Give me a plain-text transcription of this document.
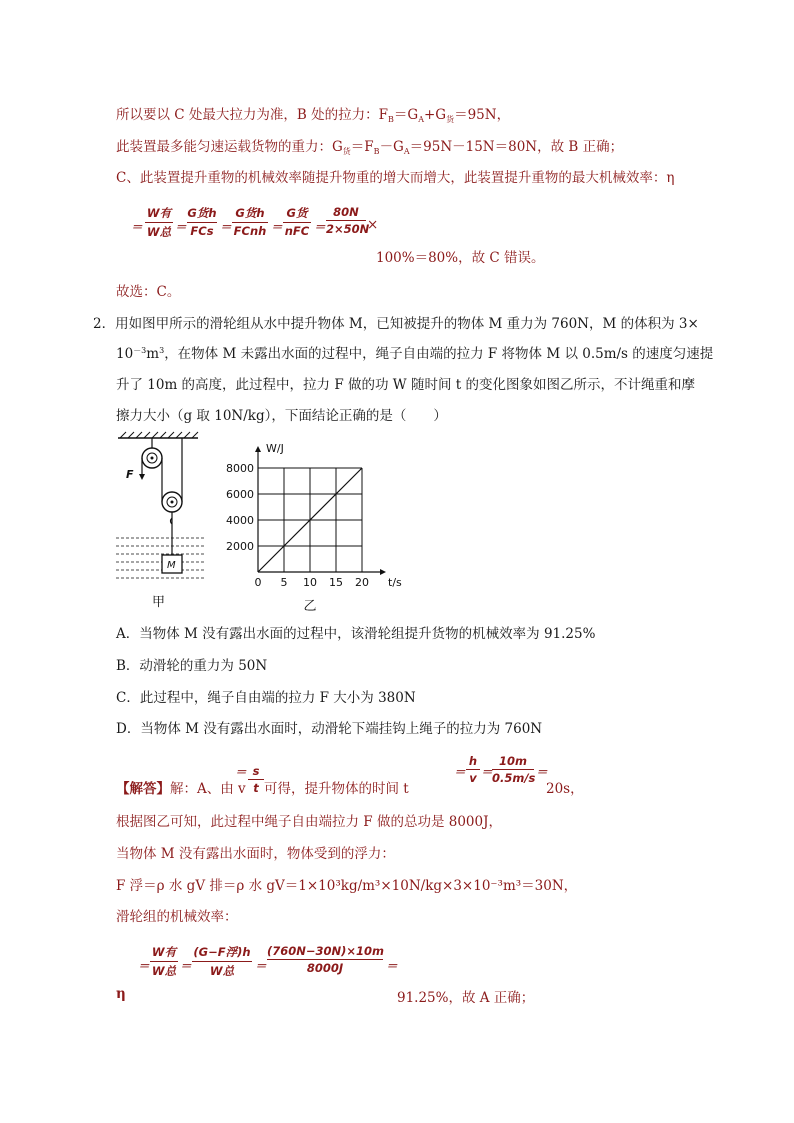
所以要以 C 处最大拉力为准，B 处的拉力：$F_B=G_A+G_货=95N$，
此装置最多能匀速运载货物的重力：$G_货=F_B-G_A=95N-15N=80N$，故 B 正确；
C、此装置提升重物的机械效率随提升物重的增大而增大，此装置提升重物的最大机械效率：η
＝
W有
W总 ＝
G货h
FCs ＝
G货h
FCnh ＝
G货
nFC ＝
80N
2×50N
×
100%＝80%，故 C 错误。
故选：C。
2．用如图甲所示的滑轮组从水中提升物体 M，已知被提升的物体 M 重力为 760N，M 的体积为 3×
$10^{-3}m^3$，在物体 M 未露出水面的过程中，绳子自由端的拉力 F 将物体 M 以 0.5m/s 的速度匀速提
升了 10m 的高度，此过程中，拉力 F 做的功 W 随时间 t 的变化图象如图乙所示，不计绳重和摩
擦力大小（g 取 10N/kg），下面结论正确的是（　　）
F
M
甲
0 5 10 15 20
2000
4000
6000
8000
t/s
W/J
乙
A．当物体 M 没有露出水面的过程中，该滑轮组提升货物的机械效率为 91.25%
B．动滑轮的重力为 50N
C．此过程中，绳子自由端的拉力 F 大小为 380N
D．当物体 M 没有露出水面时，动滑轮下端挂钩上绳子的拉力为 760N
【解答】解：A、由 v
s
t
＝
可得，提升物体的时间 t
＝
h
v ＝
10m
0.5m/s ＝
20s，
根据图乙可知，此过程中绳子自由端拉力 F 做的总功是 8000J，
当物体 M 没有露出水面时，物体受到的浮力：
F 浮＝ρ 水 gV 排＝ρ 水 gV＝1×10³kg/m³×10N/kg×3×10⁻³m³＝30N，
滑轮组的机械效率：
＝
W有
W总 ＝
(G−F浮)h
W总	＝
(760N−30N)×10m
8000J	＝
η	91.25%，故 A 正确；
